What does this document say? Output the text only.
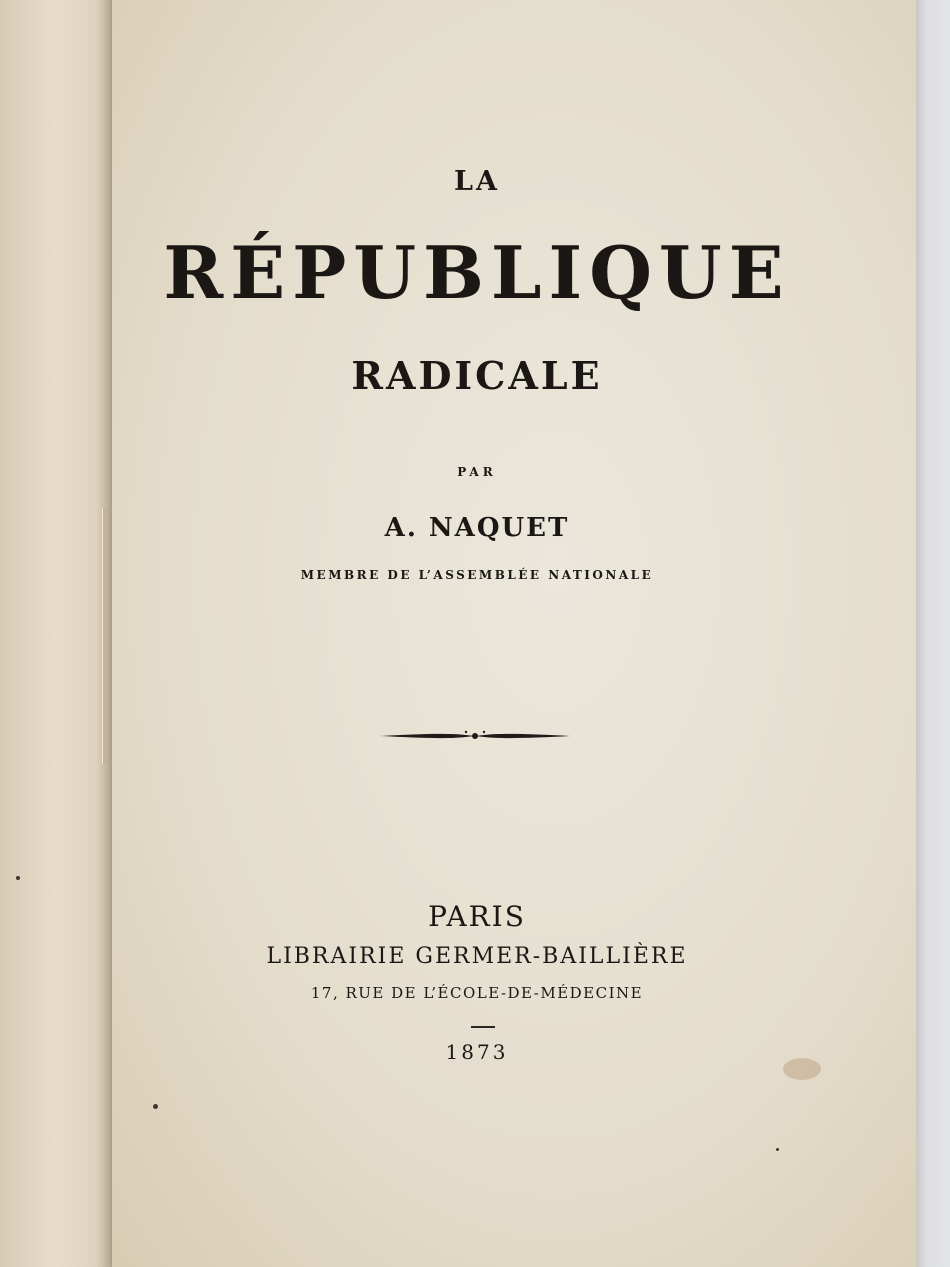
LA
RÉPUBLIQUE
RADICALE
PAR
A. NAQUET
MEMBRE DE L’ASSEMBLÉE NATIONALE
PARIS
LIBRAIRIE GERMER-BAILLIÈRE
17, RUE DE L’ÉCOLE-DE-MÉDECINE
1873
